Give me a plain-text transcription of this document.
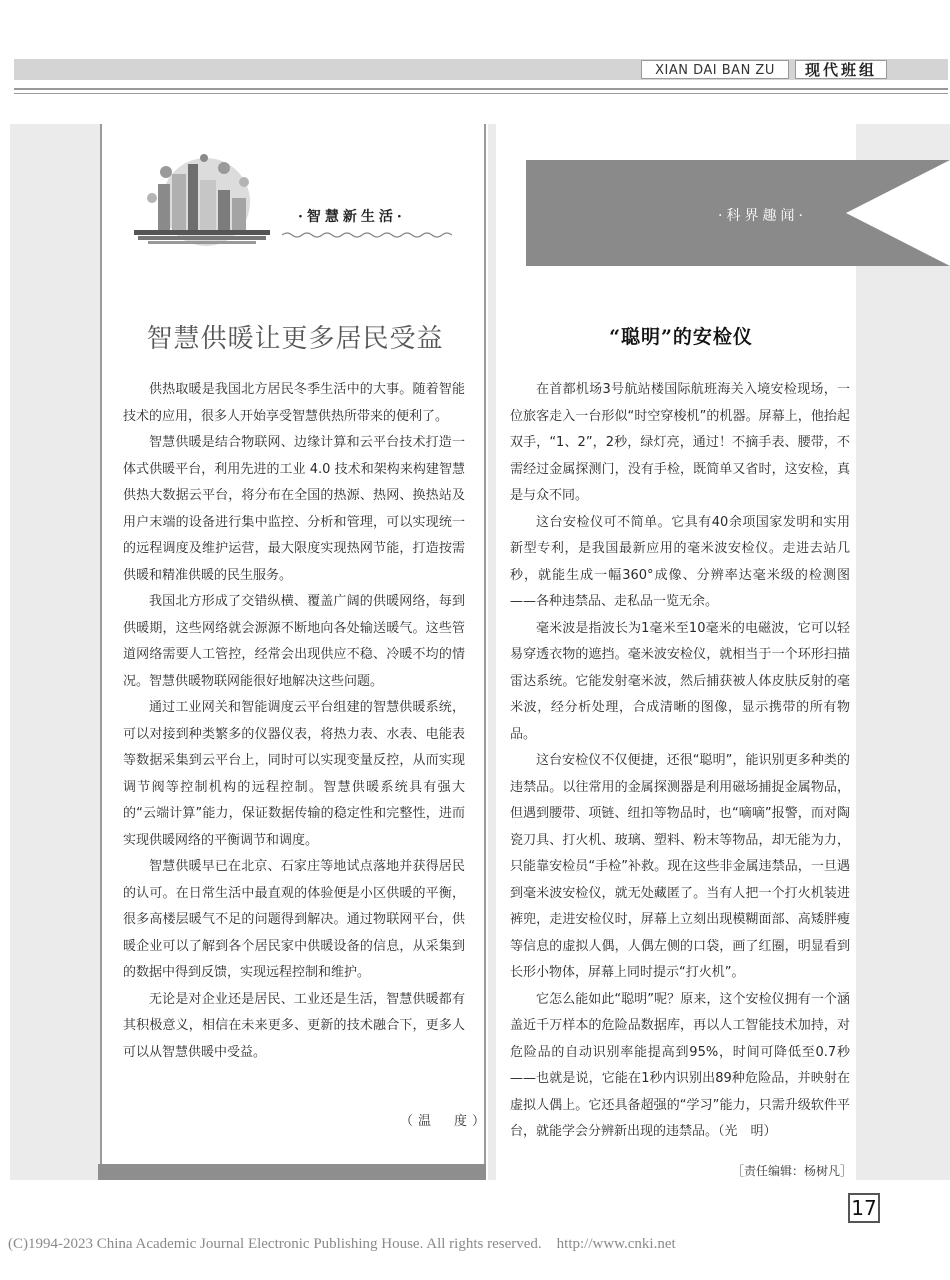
XIAN DAI BAN ZU	现代班组
·智慧新生活·	·科界趣闻·
智慧供暖让更多居民受益	“聪明”的安检仪

供热取暖是我国北方居民冬季生活中的大事。随着智能技术的应用，很多人开始享受智慧供热所带来的便利了。

智慧供暖是结合物联网、边缘计算和云平台技术打造一体式供暖平台，利用先进的工业 4.0 技术和架构来构建智慧供热大数据云平台，将分布在全国的热源、热网、换热站及用户末端的设备进行集中监控、分析和管理，可以实现统一的远程调度及维护运营，最大限度实现热网节能，打造按需供暖和精准供暖的民生服务。

我国北方形成了交错纵横、覆盖广阔的供暖网络，每到供暖期，这些网络就会源源不断地向各处输送暖气。这些管道网络需要人工管控，经常会出现供应不稳、冷暖不均的情况。智慧供暖物联网能很好地解决这些问题。

通过工业网关和智能调度云平台组建的智慧供暖系统，可以对接到种类繁多的仪器仪表，将热力表、水表、电能表等数据采集到云平台上，同时可以实现变量反控，从而实现调节阀等控制机构的远程控制。智慧供暖系统具有强大的“云端计算”能力，保证数据传输的稳定性和完整性，进而实现供暖网络的平衡调节和调度。

智慧供暖早已在北京、石家庄等地试点落地并获得居民的认可。在日常生活中最直观的体验便是小区供暖的平衡，很多高楼层暖气不足的问题得到解决。通过物联网平台，供暖企业可以了解到各个居民家中供暖设备的信息，从采集到的数据中得到反馈，实现远程控制和维护。

无论是对企业还是居民、工业还是生活，智慧供暖都有其积极意义，相信在未来更多、更新的技术融合下，更多人可以从智慧供暖中受益。

（温　度）

在首都机场3号航站楼国际航班海关入境安检现场，一位旅客走入一台形似“时空穿梭机”的机器。屏幕上，他抬起双手，“1、2”，2秒，绿灯亮，通过！不摘手表、腰带，不需经过金属探测门，没有手检，既简单又省时，这安检，真是与众不同。

这台安检仪可不简单。它具有40余项国家发明和实用新型专利，是我国最新应用的毫米波安检仪。走进去站几秒，就能生成一幅360°成像、分辨率达毫米级的检测图——各种违禁品、走私品一览无余。

毫米波是指波长为1毫米至10毫米的电磁波，它可以轻易穿透衣物的遮挡。毫米波安检仪，就相当于一个环形扫描雷达系统。它能发射毫米波，然后捕获被人体皮肤反射的毫米波，经分析处理，合成清晰的图像，显示携带的所有物品。

这台安检仪不仅便捷，还很“聪明”，能识别更多种类的违禁品。以往常用的金属探测器是利用磁场捕捉金属物品，但遇到腰带、项链、纽扣等物品时，也“嘀嘀”报警，而对陶瓷刀具、打火机、玻璃、塑料、粉末等物品，却无能为力，只能靠安检员“手检”补救。现在这些非金属违禁品，一旦遇到毫米波安检仪，就无处藏匿了。当有人把一个打火机装进裤兜，走进安检仪时，屏幕上立刻出现模糊面部、高矮胖瘦等信息的虚拟人偶，人偶左侧的口袋，画了红圈，明显看到长形小物体，屏幕上同时提示“打火机”。

它怎么能如此“聪明”呢？原来，这个安检仪拥有一个涵盖近千万样本的危险品数据库，再以人工智能技术加持，对危险品的自动识别率能提高到95%，时间可降低至0.7秒——也就是说，它能在1秒内识别出89种危险品，并映射在虚拟人偶上。它还具备超强的“学习”能力，只需升级软件平台，就能学会分辨新出现的违禁品。（光　明）

［责任编辑：杨树凡］
17
(C)1994-2023 China Academic Journal Electronic Publishing House. All rights reserved.    http://www.cnki.net
